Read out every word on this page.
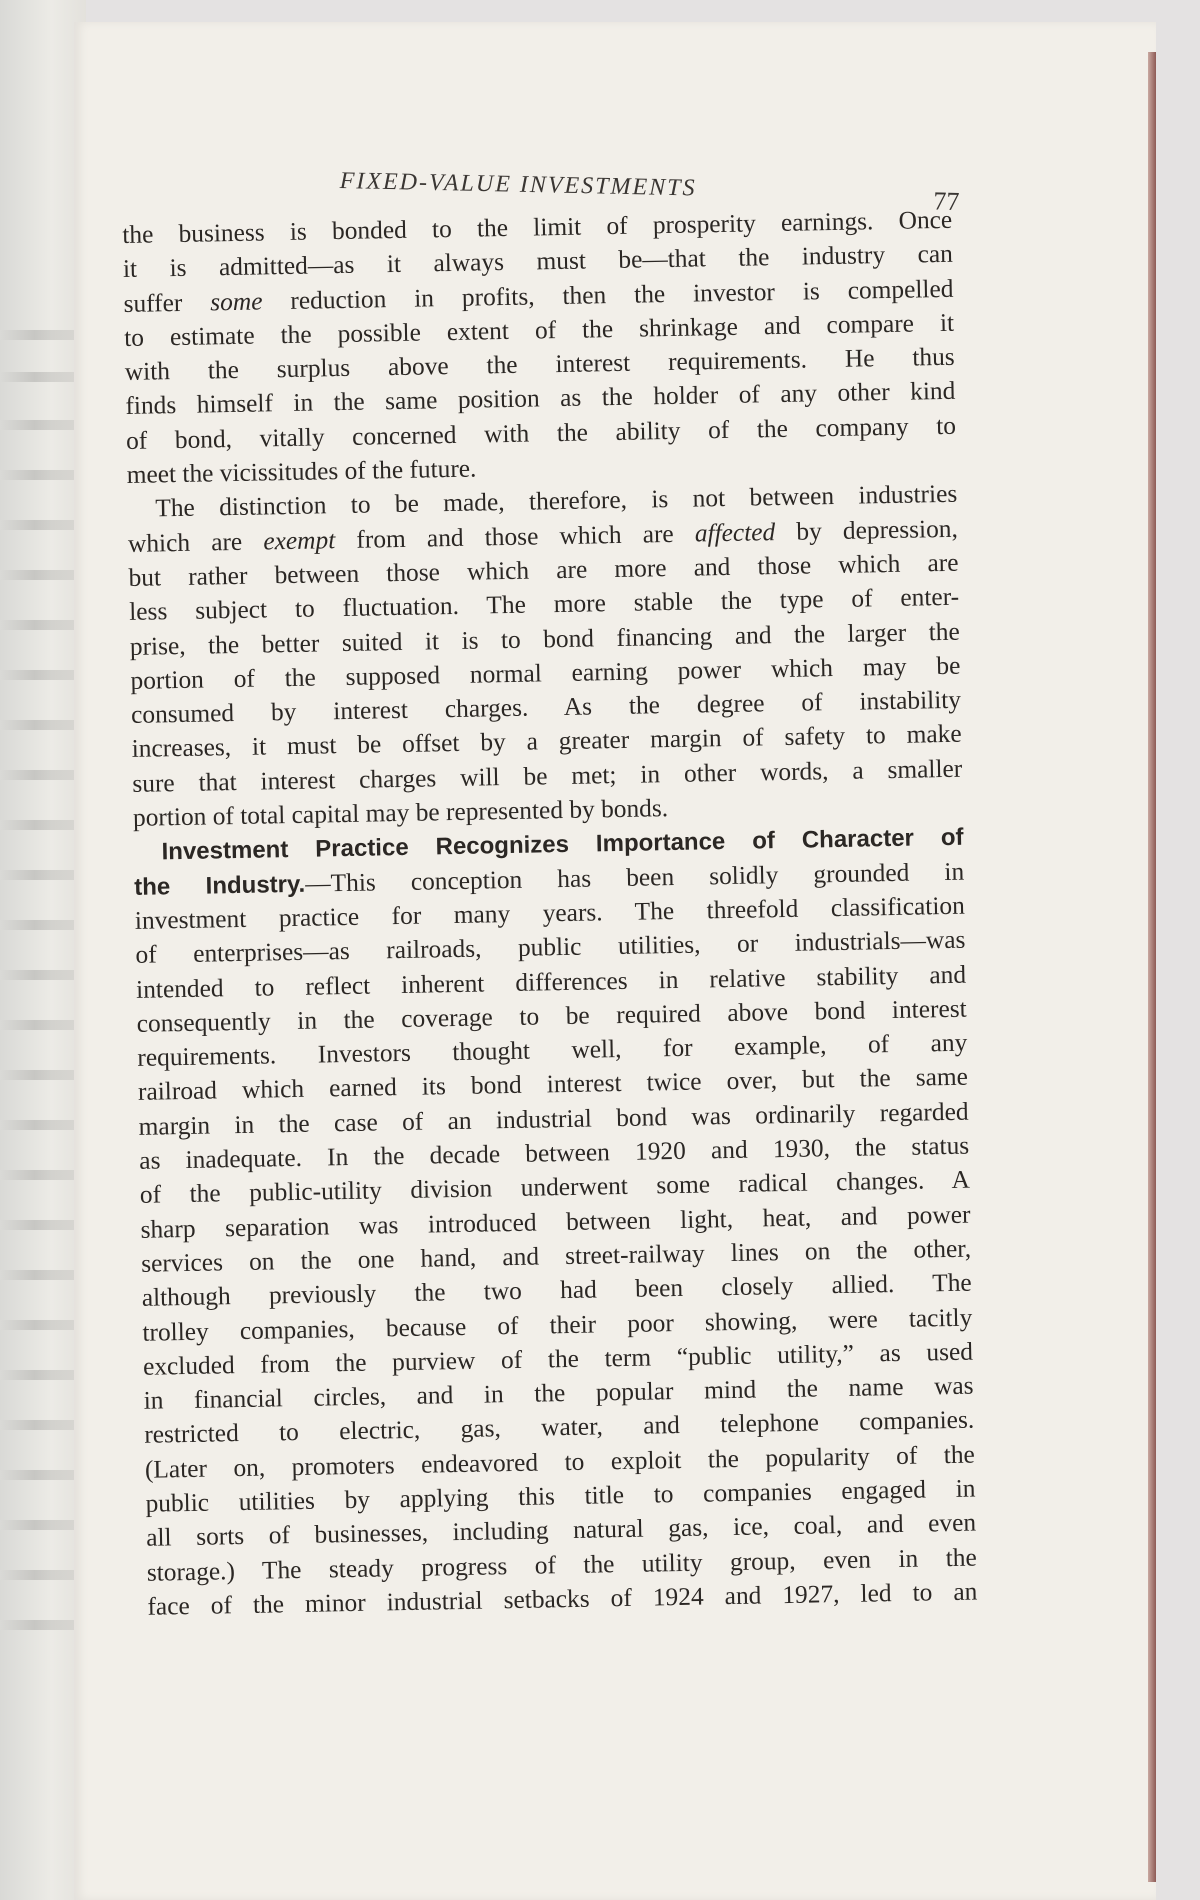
FIXED-VALUE INVESTMENTS	77
the business is bonded to the limit of prosperity earnings. Once
it is admitted—as it always must be—that the industry can
suffer some reduction in profits, then the investor is compelled
to estimate the possible extent of the shrinkage and compare it
with the surplus above the interest requirements. He thus
finds himself in the same position as the holder of any other kind
of bond, vitally concerned with the ability of the company to
meet the vicissitudes of the future.
The distinction to be made, therefore, is not between industries
which are exempt from and those which are affected by depression,
but rather between those which are more and those which are
less subject to fluctuation. The more stable the type of enter-
prise, the better suited it is to bond financing and the larger the
portion of the supposed normal earning power which may be
consumed by interest charges. As the degree of instability
increases, it must be offset by a greater margin of safety to make
sure that interest charges will be met; in other words, a smaller
portion of total capital may be represented by bonds.
Investment Practice Recognizes Importance of Character of
the Industry.—This conception has been solidly grounded in
investment practice for many years. The threefold classification
of enterprises—as railroads, public utilities, or industrials—was
intended to reflect inherent differences in relative stability and
consequently in the coverage to be required above bond interest
requirements. Investors thought well, for example, of any
railroad which earned its bond interest twice over, but the same
margin in the case of an industrial bond was ordinarily regarded
as inadequate. In the decade between 1920 and 1930, the status
of the public-utility division underwent some radical changes. A
sharp separation was introduced between light, heat, and power
services on the one hand, and street-railway lines on the other,
although previously the two had been closely allied. The
trolley companies, because of their poor showing, were tacitly
excluded from the purview of the term “public utility,” as used
in financial circles, and in the popular mind the name was
restricted to electric, gas, water, and telephone companies.
(Later on, promoters endeavored to exploit the popularity of the
public utilities by applying this title to companies engaged in
all sorts of businesses, including natural gas, ice, coal, and even
storage.) The steady progress of the utility group, even in the
face of the minor industrial setbacks of 1924 and 1927, led to an
